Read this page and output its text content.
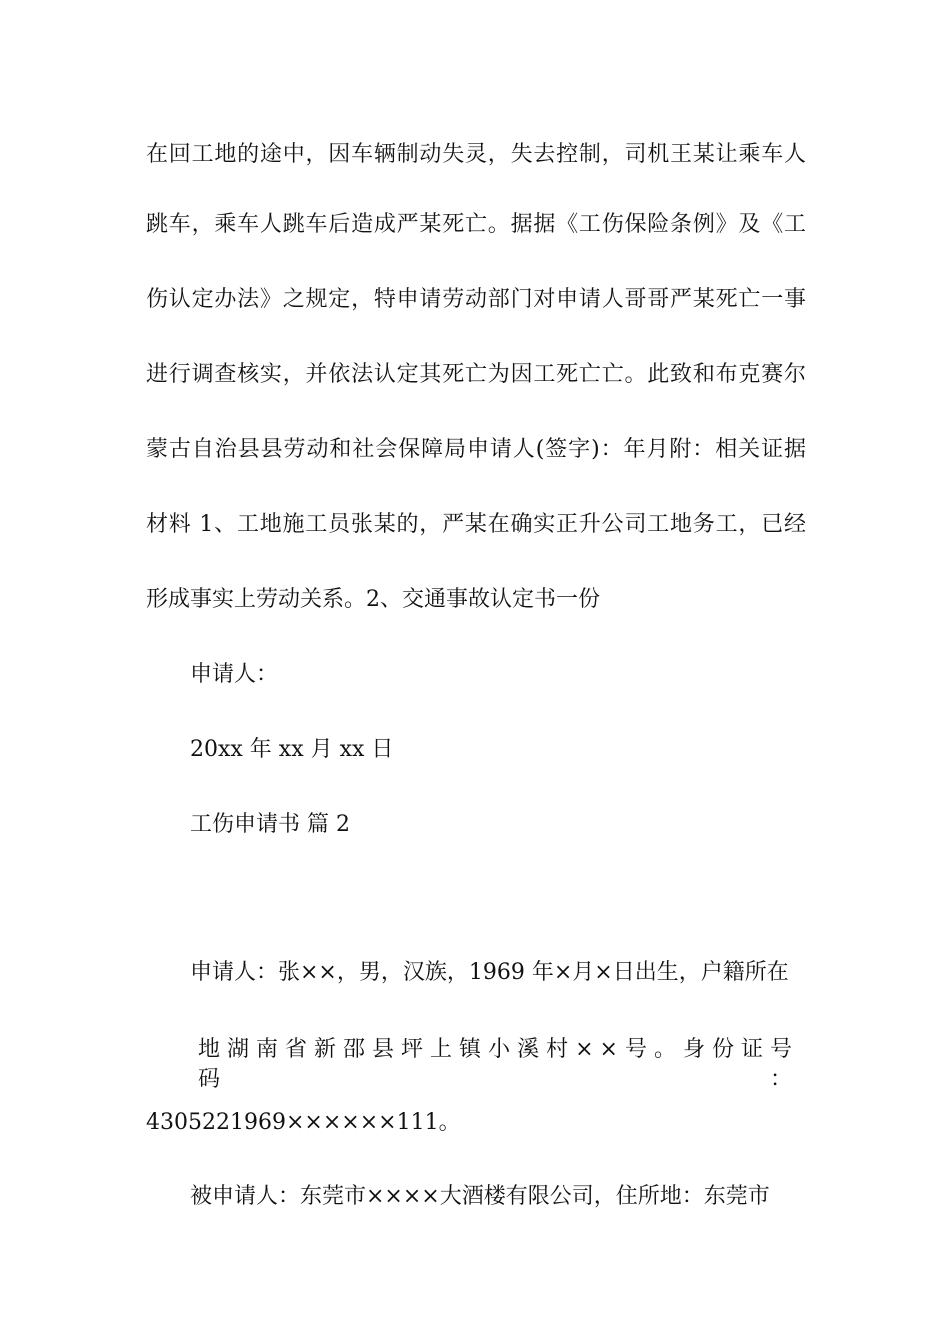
在回工地的途中，因车辆制动失灵，失去控制，司机王某让乘车人
跳车，乘车人跳车后造成严某死亡。据据《工伤保险条例》及《工
伤认定办法》之规定，特申请劳动部门对申请人哥哥严某死亡一事
进行调查核实，并依法认定其死亡为因工死亡亡。此致和布克赛尔
蒙古自治县县劳动和社会保障局申请人(签字)：年月附：相关证据
材料 1、工地施工员张某的，严某在确实正升公司工地务工，已经
形成事实上劳动关系。2、交通事故认定书一份
申请人：
20xx 年 xx 月 xx 日
工伤申请书 篇 2
申请人：张××，男，汉族，1969 年×月×日出生，户籍所在
地湖南省新邵县坪上镇小溪村××号。身份证号码：
4305221969××××××111。
被申请人：东莞市××××大酒楼有限公司，住所地：东莞市
